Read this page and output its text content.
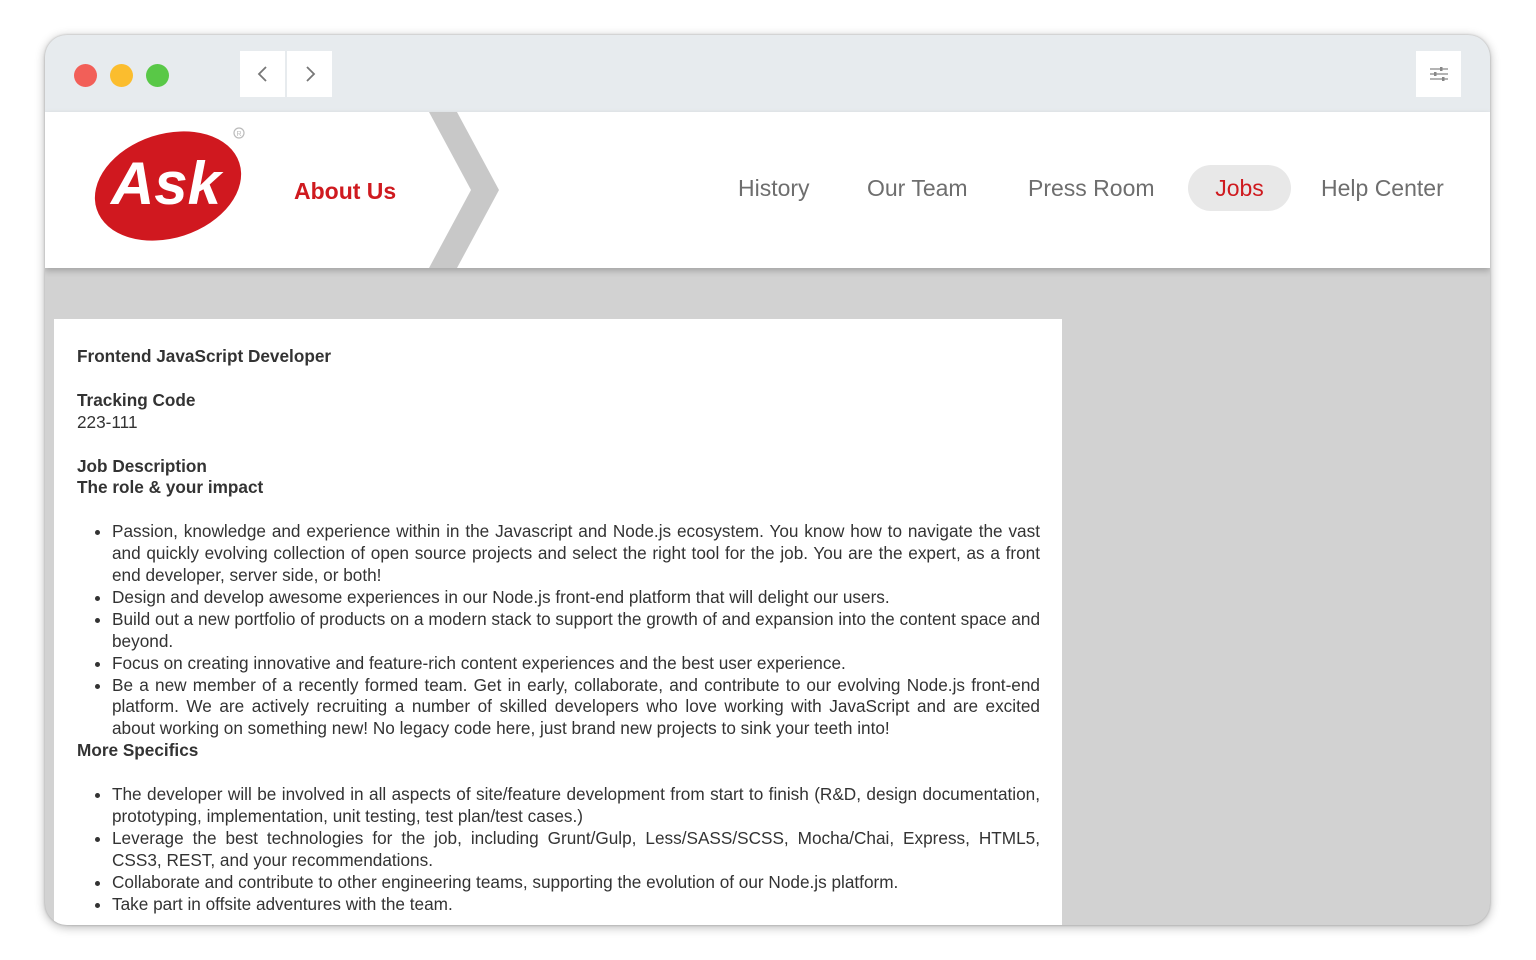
Ask
R
About Us	History Our Team	Press Room	Jobs	Help Center
Frontend JavaScript Developer
Tracking Code
223-111
Job Description
The role & your impact
• Passion, knowledge and experience within in the Javascript and Node.js ecosystem. You know how to navigate the vast and quickly evolving collection of open source projects and select the right tool for the job. You are the expert, as a front end developer, server side, or both!
• Design and develop awesome experiences in our Node.js front-end platform that will delight our users.
• Build out a new portfolio of products on a modern stack to support the growth of and expansion into the content space and beyond.
• Focus on creating innovative and feature-rich content experiences and the best user experience.
• Be a new member of a recently formed team. Get in early, collaborate, and contribute to our evolving Node.js front-end platform. We are actively recruiting a number of skilled developers who love working with JavaScript and are excited about working on something new! No legacy code here, just brand new projects to sink your teeth into!
More Specifics
• The developer will be involved in all aspects of site/feature development from start to finish (R&D, design documentation, prototyping, implementation, unit testing, test plan/test cases.)
• Leverage the best technologies for the job, including Grunt/Gulp, Less/SASS/SCSS, Mocha/Chai, Express, HTML5, CSS3, REST, and your recommendations.
• Collaborate and contribute to other engineering teams, supporting the evolution of our Node.js platform.
• Take part in offsite adventures with the team.
